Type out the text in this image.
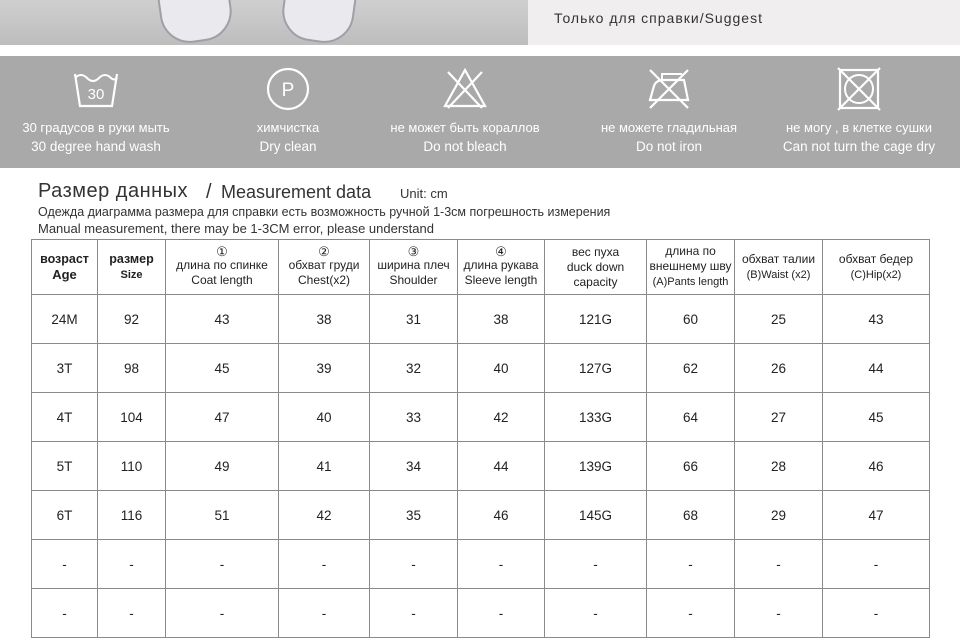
Только для справки/Suggest
30
30 градусов в руки мыть
30 degree hand wash
P
химчистка
Dry clean
не может быть кораллов
Do not bleach
не можете гладильная
Do not iron
не могу , в клетке сушки
Can not turn the cage dry
Размер данных / Measurement data Unit: cm
Одежда диаграмма размера для справки есть возможность ручной 1-3см погрешность измерения
Manual measurement, there may be 1-3CM error, please understand
возраст
Age	размер
Size	①
длина по спинке
Coat length	②
обхват груди
Chest(x2)	③
ширина плеч
Shoulder	④
длина рукава
Sleeve length	вес пуха
duck down
capacity	длина по
внешнему шву
(A)Pants length	обхват талии
(B)Waist (x2)	обхват бедер
(C)Hip(x2)
24M	92	43	38	31	38	121G	60	25	43
3T	98	45	39	32	40	127G	62	26	44
4T	104	47	40	33	42	133G	64	27	45
5T	110	49	41	34	44	139G	66	28	46
6T	116	51	42	35	46	145G	68	29	47
-	-	-	-	-	-	-	-	-	-
-	-	-	-	-	-	-	-	-	-
